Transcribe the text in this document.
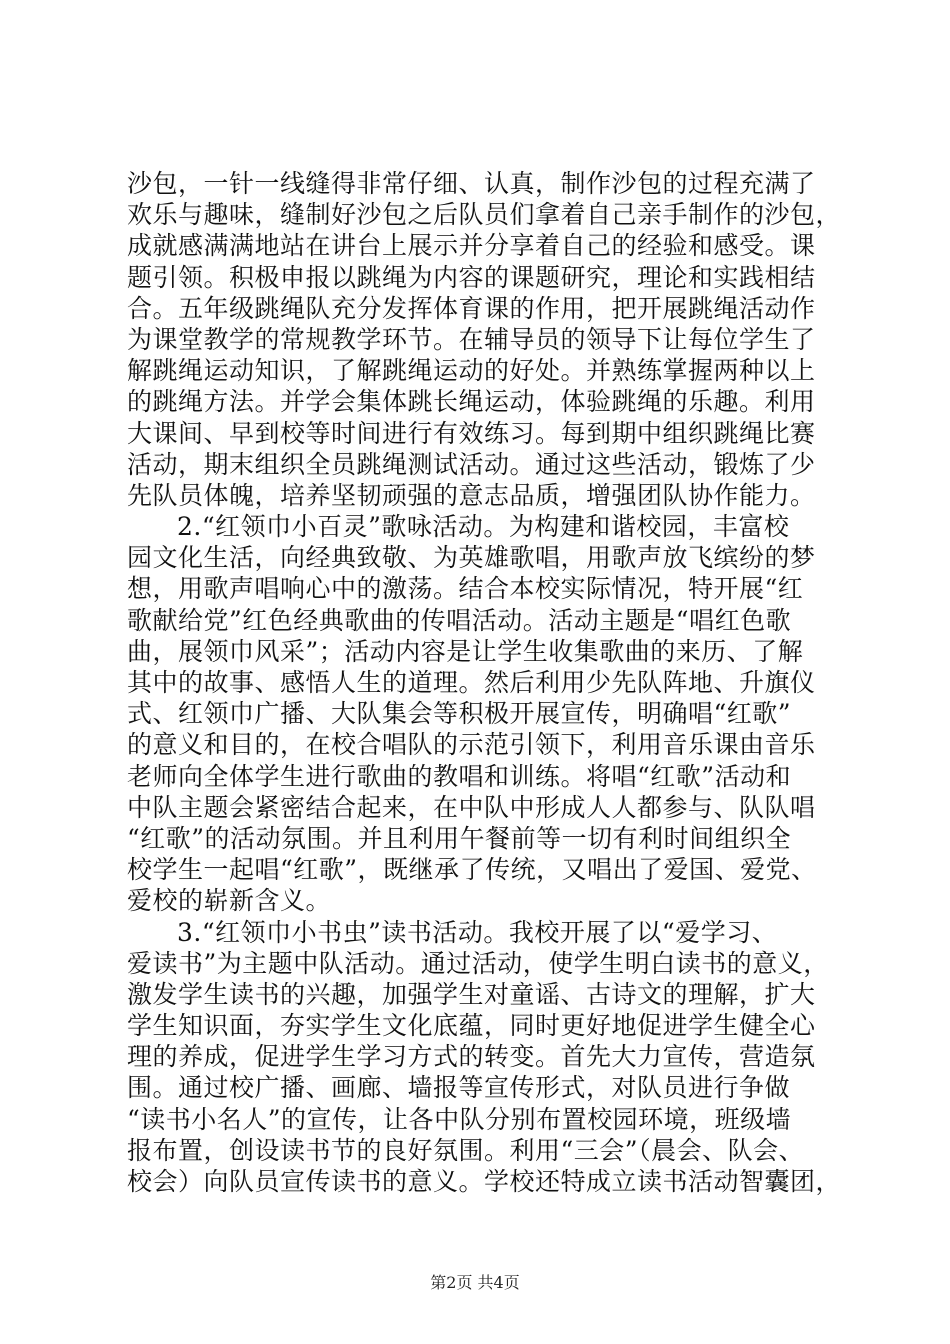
沙包，一针一线缝得非常仔细、认真，制作沙包的过程充满了
欢乐与趣味，缝制好沙包之后队员们拿着自己亲手制作的沙包，
成就感满满地站在讲台上展示并分享着自己的经验和感受。课
题引领。积极申报以跳绳为内容的课题研究，理论和实践相结
合。五年级跳绳队充分发挥体育课的作用，把开展跳绳活动作
为课堂教学的常规教学环节。在辅导员的领导下让每位学生了
解跳绳运动知识，了解跳绳运动的好处。并熟练掌握两种以上
的跳绳方法。并学会集体跳长绳运动，体验跳绳的乐趣。利用
大课间、早到校等时间进行有效练习。每到期中组织跳绳比赛
活动，期末组织全员跳绳测试活动。通过这些活动，锻炼了少
先队员体魄，培养坚韧顽强的意志品质，增强团队协作能力。
2.“红领巾小百灵”歌咏活动。为构建和谐校园，丰富校
园文化生活，向经典致敬、为英雄歌唱，用歌声放飞缤纷的梦
想，用歌声唱响心中的激荡。结合本校实际情况，特开展“红
歌献给党”红色经典歌曲的传唱活动。活动主题是“唱红色歌
曲，展领巾风采”；活动内容是让学生收集歌曲的来历、了解
其中的故事、感悟人生的道理。然后利用少先队阵地、升旗仪
式、红领巾广播、大队集会等积极开展宣传，明确唱“红歌”
的意义和目的，在校合唱队的示范引领下，利用音乐课由音乐
老师向全体学生进行歌曲的教唱和训练。将唱“红歌”活动和
中队主题会紧密结合起来，在中队中形成人人都参与、队队唱
“红歌”的活动氛围。并且利用午餐前等一切有利时间组织全
校学生一起唱“红歌”，既继承了传统，又唱出了爱国、爱党、
爱校的崭新含义。
3.“红领巾小书虫”读书活动。我校开展了以“爱学习、
爱读书”为主题中队活动。通过活动，使学生明白读书的意义，
激发学生读书的兴趣，加强学生对童谣、古诗文的理解，扩大
学生知识面，夯实学生文化底蕴，同时更好地促进学生健全心
理的养成，促进学生学习方式的转变。首先大力宣传，营造氛
围。通过校广播、画廊、墙报等宣传形式，对队员进行争做
“读书小名人”的宣传，让各中队分别布置校园环境，班级墙
报布置，创设读书节的良好氛围。利用“三会”（晨会、队会、
校会）向队员宣传读书的意义。学校还特成立读书活动智囊团，
第2页 共4页
